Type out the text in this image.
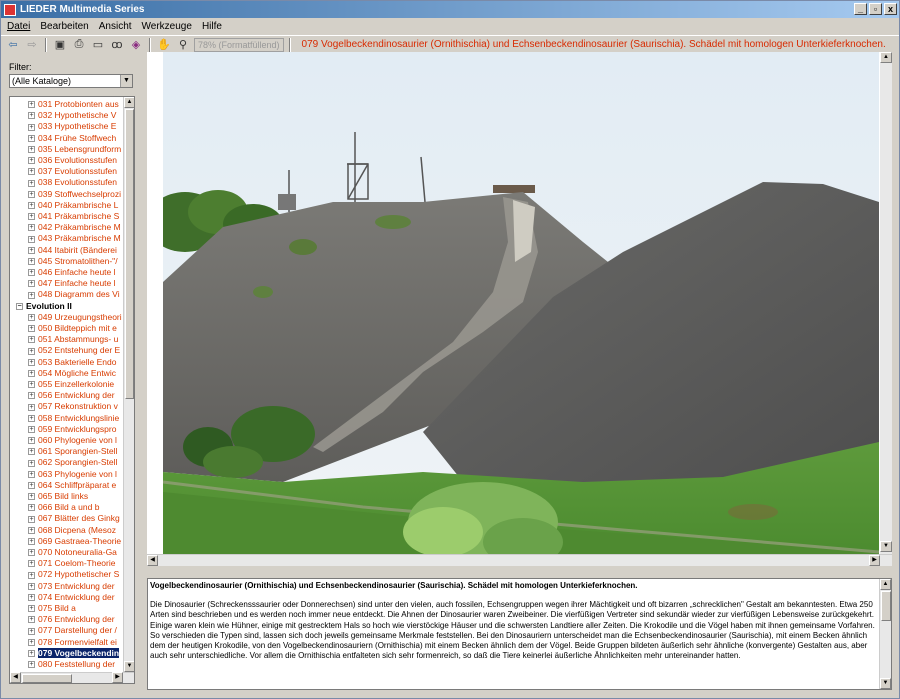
LIEDER Multimedia Series	_	▫	x
Datei Bearbeiten Ansicht Werkzeuge Hilfe
⇦ ⇨	▣ ⎙ ▭ ꝏ ◈	✋ ⚲	78% (Formatfüllend)	079 Vogelbeckendinosaurier (Ornithischia) und Echsenbeckendinosaurier (Saurischia). Schädel mit homologen Unterkieferknochen.
Filter:
(Alle Kataloge)	▼
+ 031 Protobionten aus
+ 032 Hypothetische V
+ 033 Hypothetische E
+ 034 Frühe Stoffwech
+ 035 Lebensgrundform
+ 036 Evolutionsstufen
+ 037 Evolutionsstufen
+ 038 Evolutionsstufen
+ 039 Stoffwechselprozi
+ 040 Präkambrische L
+ 041 Präkambrische S
+ 042 Präkambrische M
+ 043 Präkambrische M
+ 044 Itabirit (Bänderei
+ 045 Stromatolithen-"/
+ 046 Einfache heute l
+ 047 Einfache heute l
+ 048 Diagramm des Vi
− Evolution II
+ 049 Urzeugungstheori
+ 050 Bildteppich mit e
+ 051 Abstammungs- u
+ 052 Entstehung der E
+ 053 Bakterielle Endo
+ 054 Mögliche Entwic
+ 055 Einzellerkolonie
+ 056 Entwicklung der
+ 057 Rekonstruktion v
+ 058 Entwicklungslinie
+ 059 Entwicklungspro
+ 060 Phylogenie von l
+ 061 Sporangien-Stell
+ 062 Sporangien-Stell
+ 063 Phylogenie von l
+ 064 Schliffpräparat e
+ 065 Bild links
+ 066 Bild a und b
+ 067 Blätter des Ginkg
+ 068 Dicpena (Mesoz
+ 069 Gastraea-Theorie
+ 070 Notoneuralia-Ga
+ 071 Coelom-Theorie
+ 072 Hypothetischer S
+ 073 Entwicklung der
+ 074 Entwicklung der
+ 075 Bild a
+ 076 Entwicklung der
+ 077 Darstellung der /
+ 078 Formenvielfalt ei
+ 079 Vogelbeckendin
+ 080 Feststellung der
▲
▼
◀	▶
▲
▼
◀	▶
Vogelbeckendinosaurier (Ornithischia) und Echsenbeckendinosaurier (Saurischia). Schädel mit homologen Unterkieferknochen.
Die Dinosaurier (Schreckensssaurier oder Donnerechsen) sind unter den vielen, auch fossilen, Echsengruppen wegen ihrer Mächtigkeit und oft bizarren „schrecklichen" Gestalt am bekanntesten. Etwa 250 Arten sind beschrieben und es werden noch immer neue entdeckt. Die Ahnen der Dinosaurier waren Zweibeiner. Die vierfüßigen Vertreter sind sekundär wieder zur vierfüßigen Lebensweise zurückgekehrt. Einige waren klein wie Hühner, einige mit gestrecktem Hals so hoch wie vierstöckige Häuser und die schwersten Landtiere aller Zeiten. Die Krokodile und die Vögel haben mit ihnen gemeinsame Vorfahren. So verschieden die Typen sind, lassen sich doch jeweils gemeinsame Merkmale feststellen. Bei den Dinosauriern unterscheidet man die Echsenbeckendinosaurier (Saurischia), mit einem Becken ähnlich dem der heutigen Krokodile, von den Vogelbeckendinosauriern (Ornithischia) mit einem Becken ähnlich dem der Vögel. Beide Gruppen bildeten äußerlich sehr ähnliche (konvergente) Gestalten aus, aber auch sehr unterschiedliche. Vor allem die Ornithischia entfalteten sich sehr formenreich, so daß die Tiere keinerlei äußerliche Ähnlichkeiten mehr untereinander hatten.
▲
▼
